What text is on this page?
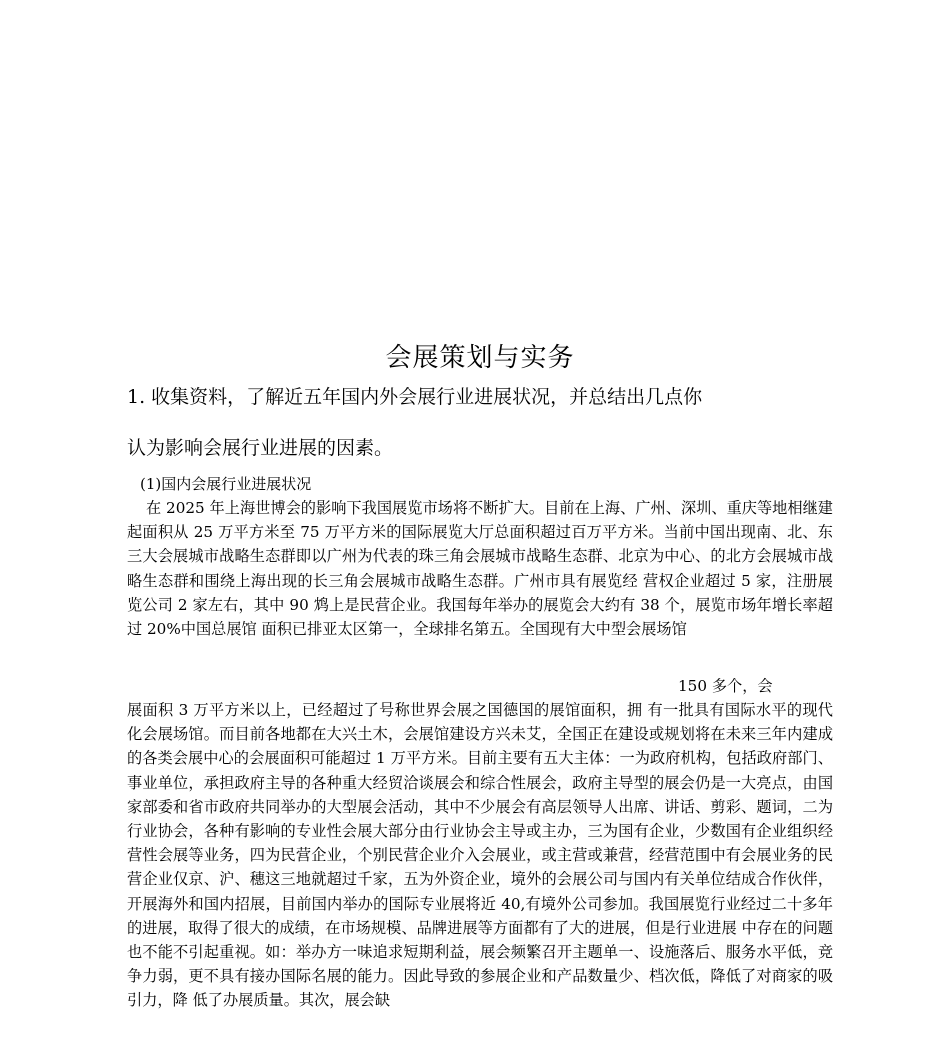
会展策划与实务

1. 收集资料，了解近五年国内外会展行业进展状况，并总结出几点你

认为影响会展行业进展的因素。

(1)国内会展行业进展状况

在 2025 年上海世博会的影响下我国展览市场将不断扩大。目前在上海、广州、深圳、重庆等地相继建起面积从 25 万平方米至 75 万平方米的国际展览大厅总面积超过百万平方米。当前中国出现南、北、东三大会展城市战略生态群即以广州为代表的珠三角会展城市战略生态群、北京为中心、的北方会展城市战略生态群和围绕上海出现的长三角会展城市战略生态群。广州市具有展览经 营权企业超过 5 家，注册展览公司 2 家左右，其中 90 鸩上是民营企业。我国每年举办的展览会大约有 38 个，展览市场年增长率超过 20%中国总展馆 面积已排亚太区第一，全球排名第五。全国现有大中型会展场馆

150 多个，会

展面积 3 万平方米以上，已经超过了号称世界会展之国德国的展馆面积，拥 有一批具有国际水平的现代化会展场馆。而目前各地都在大兴土木，会展馆建设方兴未艾，全国正在建设或规划将在未来三年内建成的各类会展中心的会展面积可能超过 1 万平方米。目前主要有五大主体：一为政府机构，包括政府部门、事业单位，承担政府主导的各种重大经贸洽谈展会和综合性展会，政府主导型的展会仍是一大亮点，由国家部委和省市政府共同举办的大型展会活动，其中不少展会有高层领导人出席、讲话、剪彩、题词，二为行业协会，各种有影响的专业性会展大部分由行业协会主导或主办，三为国有企业，少数国有企业组织经营性会展等业务，四为民营企业，个别民营企业介入会展业，或主营或兼营，经营范围中有会展业务的民营企业仅京、沪、穗这三地就超过千家，五为外资企业，境外的会展公司与国内有关单位结成合作伙伴，开展海外和国内招展，目前国内举办的国际专业展将近 40,有境外公司参加。我国展览行业经过二十多年的进展，取得了很大的成绩，在市场规模、品牌进展等方面都有了大的进展，但是行业进展 中存在的问题也不能不引起重视。如：举办方一味追求短期利益，展会频繁召开主题单一、设施落后、服务水平低，竞争力弱，更不具有接办国际名展的能力。因此导致的参展企业和产品数量少、档次低，降低了对商家的吸引力，降 低了办展质量。其次，展会缺
